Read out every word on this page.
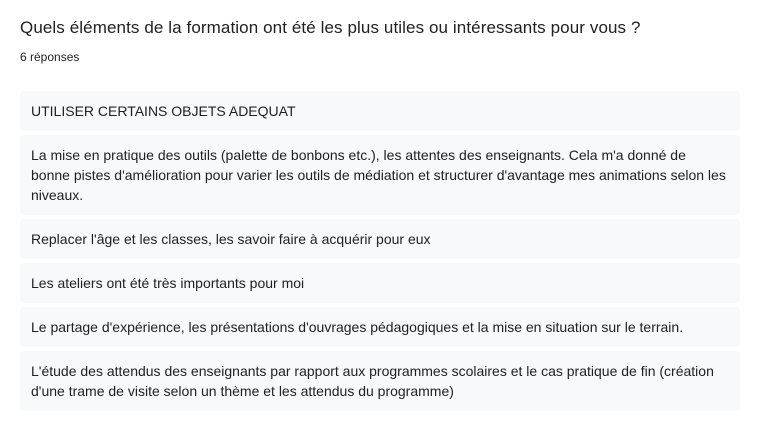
Quels éléments de la formation ont été les plus utiles ou intéressants pour vous ?
6 réponses
UTILISER CERTAINS OBJETS ADEQUAT
La mise en pratique des outils (palette de bonbons etc.), les attentes des enseignants. Cela m'a donné de bonne pistes d'amélioration pour varier les outils de médiation et structurer d'avantage mes animations selon les niveaux.
Replacer l'âge et les classes, les savoir faire à acquérir pour eux
Les ateliers ont été très importants pour moi
Le partage d'expérience, les présentations d'ouvrages pédagogiques et la mise en situation sur le terrain.
L'étude des attendus des enseignants par rapport aux programmes scolaires et le cas pratique de fin (création d'une trame de visite selon un thème et les attendus du programme)
